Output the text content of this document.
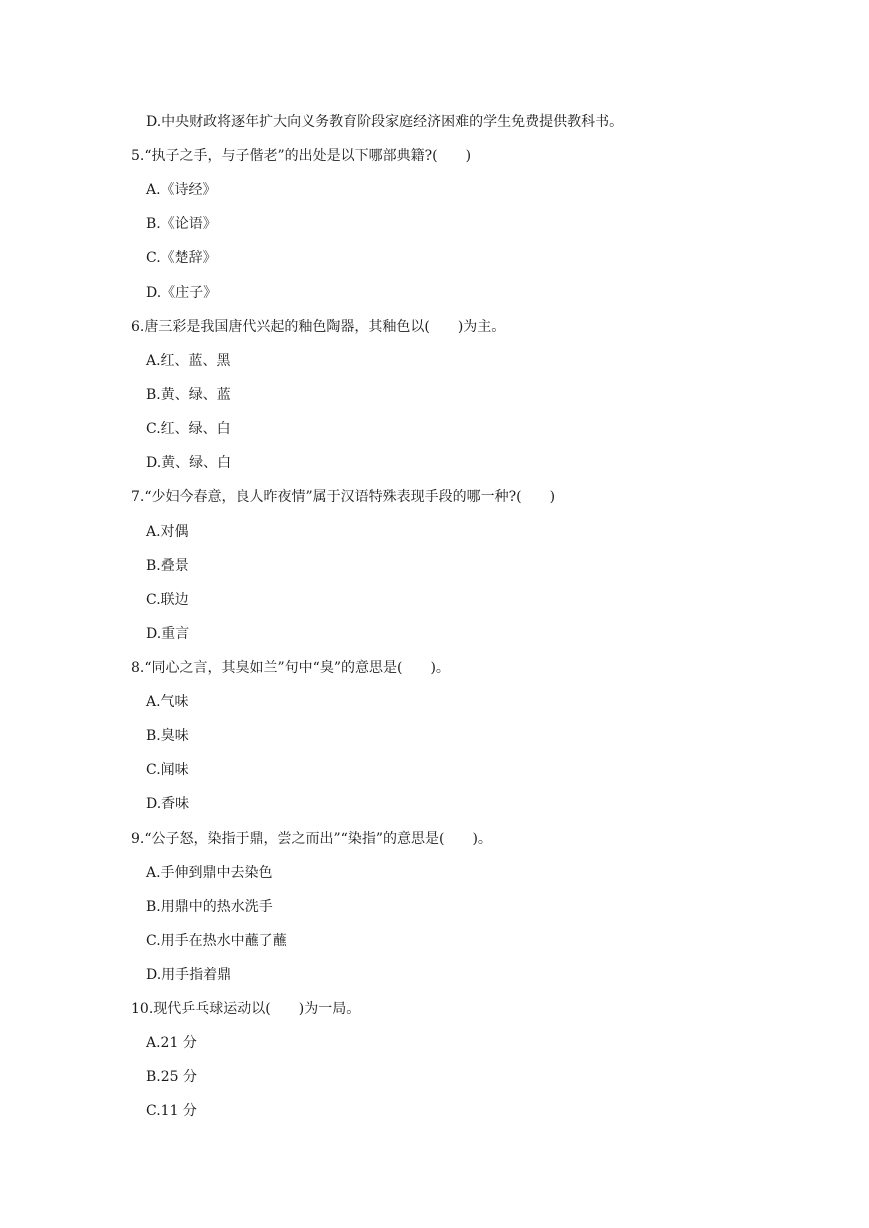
D.中央财政将逐年扩大向义务教育阶段家庭经济困难的学生免费提供教科书。
5.“执子之手，与子偕老”的出处是以下哪部典籍?(　　)
A.《诗经》
B.《论语》
C.《楚辞》
D.《庄子》
6.唐三彩是我国唐代兴起的釉色陶器，其釉色以(　　)为主。
A.红、蓝、黑
B.黄、绿、蓝
C.红、绿、白
D.黄、绿、白
7.“少妇今春意，良人昨夜情”属于汉语特殊表现手段的哪一种?(　　)
A.对偶
B.叠景
C.联边
D.重言
8.“同心之言，其臭如兰”句中“臭”的意思是(　　)。
A.气味
B.臭味
C.闻味
D.香味
9.“公子怒，染指于鼎，尝之而出”“染指”的意思是(　　)。
A.手伸到鼎中去染色
B.用鼎中的热水洗手
C.用手在热水中蘸了蘸
D.用手指着鼎
10.现代乒乓球运动以(　　)为一局。
A.21 分
B.25 分
C.11 分
